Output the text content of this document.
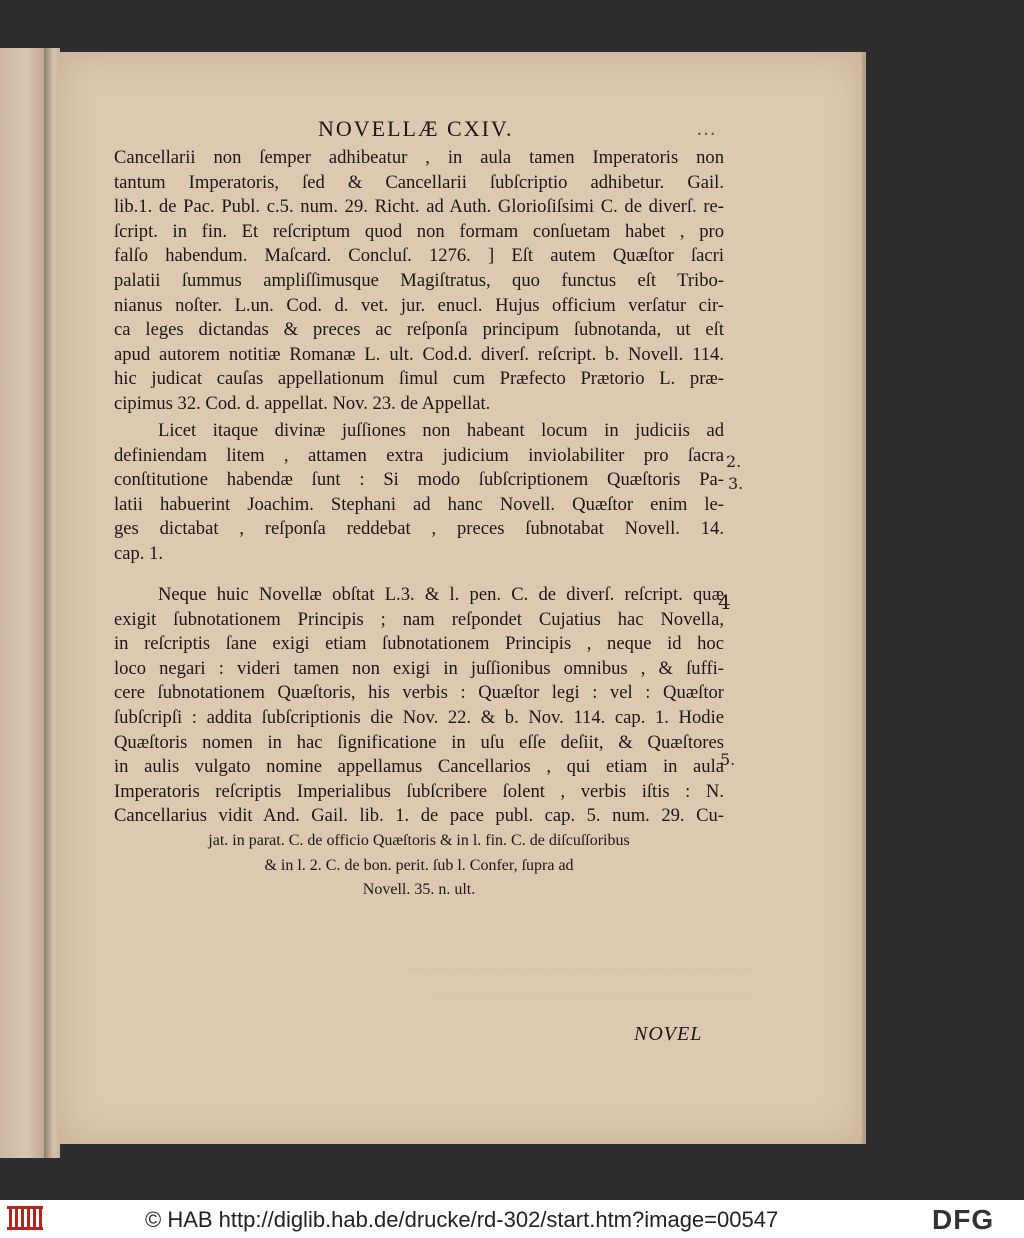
‒ ‒ ‒ ‒ ‒ ‒ ‒ ‒ ‒ ‒ ‒ ‒ ‒ ‒ ‒ ‒ ‒ ‒ ‒ ‒ ‒ ‒ ‒ ‒ ‒ ‒ ‒ ‒ ‒
‒ ‒ ‒ ‒ ‒ ‒ ‒ ‒ ‒ ‒ ‒ ‒ ‒ ‒ ‒ ‒ ‒ ‒ ‒ ‒ ‒ ‒ ‒ ‒ ‒ ‒ ‒
NOVELLÆ CXIV.	…
Cancellarii non ſemper adhibeatur , in aula tamen Imperatoris non
tantum Imperatoris, ſed & Cancellarii ſubſcriptio adhibetur. Gail.
lib.1. de Pac. Publ. c.5. num. 29. Richt. ad Auth. Glorioſiſsimi C. de diverſ. re-
ſcript. in fin. Et reſcriptum quod non formam conſuetam habet , pro
falſo habendum. Maſcard. Concluſ. 1276. ] Eſt autem Quæſtor ſacri
palatii ſummus ampliſſimusque Magiſtratus, quo functus eſt Tribo-
nianus noſter. L.un. Cod. d. vet. jur. enucl. Hujus officium verſatur cir-
ca leges dictandas & preces ac reſponſa principum ſubnotanda, ut eſt
apud autorem notitiæ Romanæ L. ult. Cod.d. diverſ. reſcript. b. Novell. 114.
hic judicat cauſas appellationum ſimul cum Præfecto Prætorio L. præ-
cipimus 32. Cod. d. appellat. Nov. 23. de Appellat.
Licet itaque divinæ juſſiones non habeant locum in judiciis ad
definiendam litem , attamen extra judicium inviolabiliter pro ſacra
conſtitutione habendæ ſunt : Si modo ſubſcriptionem Quæſtoris Pa-
latii habuerint Joachim. Stephani ad hanc Novell. Quæſtor enim le-
ges dictabat , reſponſa reddebat , preces ſubnotabat Novell. 14.
cap. 1.
Neque huic Novellæ obſtat L.3. & l. pen. C. de diverſ. reſcript. quæ
exigit ſubnotationem Principis ; nam reſpondet Cujatius hac Novella,
in reſcriptis ſane exigi etiam ſubnotationem Principis , neque id hoc
loco negari : videri tamen non exigi in juſſionibus omnibus , & ſuffi-
cere ſubnotationem Quæſtoris, his verbis : Quæſtor legi : vel : Quæſtor
ſubſcripſi : addita ſubſcriptionis die Nov. 22. & b. Nov. 114. cap. 1. Hodie
Quæſtoris nomen in hac ſignificatione in uſu eſſe deſiit, & Quæſtores
in aulis vulgato nomine appellamus Cancellarios , qui etiam in aula
Imperatoris reſcriptis Imperialibus ſubſcribere ſolent , verbis iſtis : N.
Cancellarius vidit And. Gail. lib. 1. de pace publ. cap. 5. num. 29. Cu-
jat. in parat. C. de officio Quæſtoris & in l. fin. C. de diſcuſſoribus
& in l. 2. C. de bon. perit. ſub l. Confer, ſupra ad
Novell. 35. n. ult.
2.
3.
4
5.
NOVEL
© HAB http://diglib.hab.de/drucke/rd-302/start.htm?image=00547	DFG
